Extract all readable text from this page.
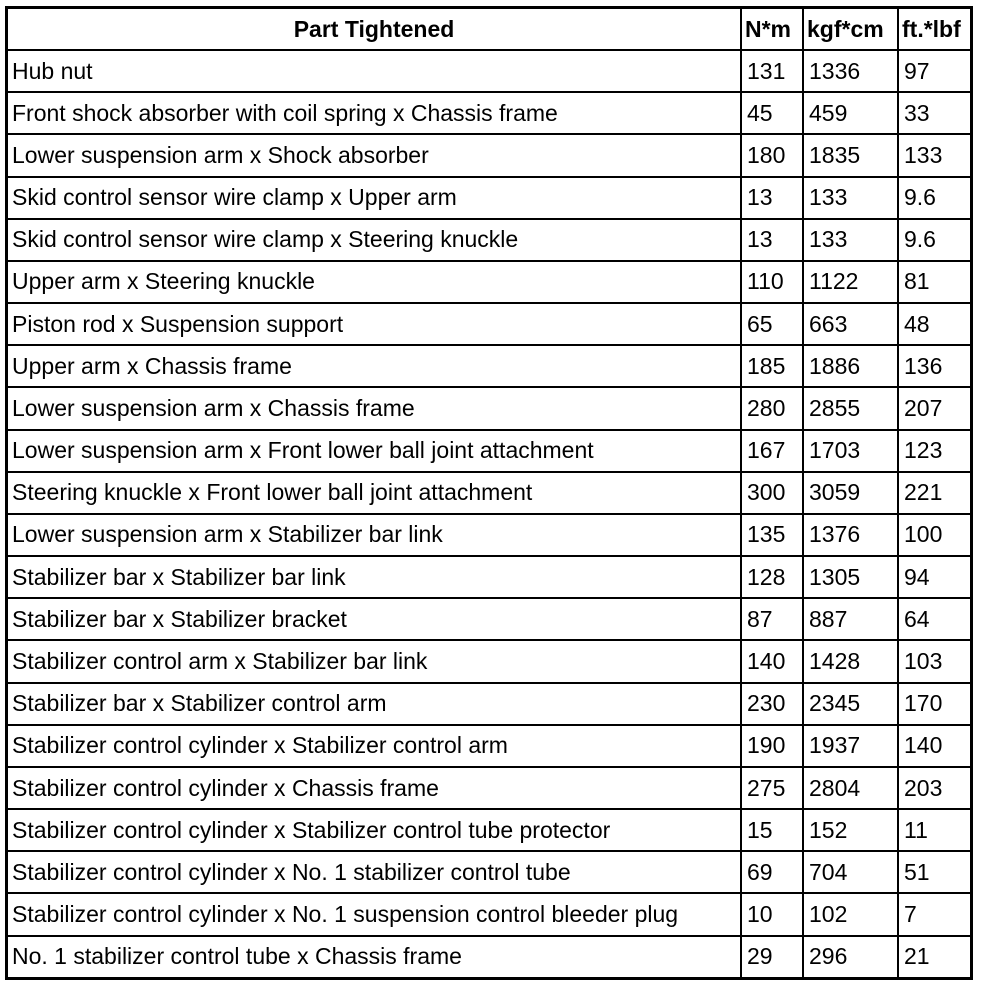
Part Tightened	N*m	kgf*cm	ft.*lbf
Hub nut	131	1336	97
Front shock absorber with coil spring x Chassis frame	45	459	33
Lower suspension arm x Shock absorber	180	1835	133
Skid control sensor wire clamp x Upper arm	13	133	9.6
Skid control sensor wire clamp x Steering knuckle	13	133	9.6
Upper arm x Steering knuckle	110	1122	81
Piston rod x Suspension support	65	663	48
Upper arm x Chassis frame	185	1886	136
Lower suspension arm x Chassis frame	280	2855	207
Lower suspension arm x Front lower ball joint attachment	167	1703	123
Steering knuckle x Front lower ball joint attachment	300	3059	221
Lower suspension arm x Stabilizer bar link	135	1376	100
Stabilizer bar x Stabilizer bar link	128	1305	94
Stabilizer bar x Stabilizer bracket	87	887	64
Stabilizer control arm x Stabilizer bar link	140	1428	103
Stabilizer bar x Stabilizer control arm	230	2345	170
Stabilizer control cylinder x Stabilizer control arm	190	1937	140
Stabilizer control cylinder x Chassis frame	275	2804	203
Stabilizer control cylinder x Stabilizer control tube protector	15	152	11
Stabilizer control cylinder x No. 1 stabilizer control tube	69	704	51
Stabilizer control cylinder x No. 1 suspension control bleeder plug	10	102	7
No. 1 stabilizer control tube x Chassis frame	29	296	21
